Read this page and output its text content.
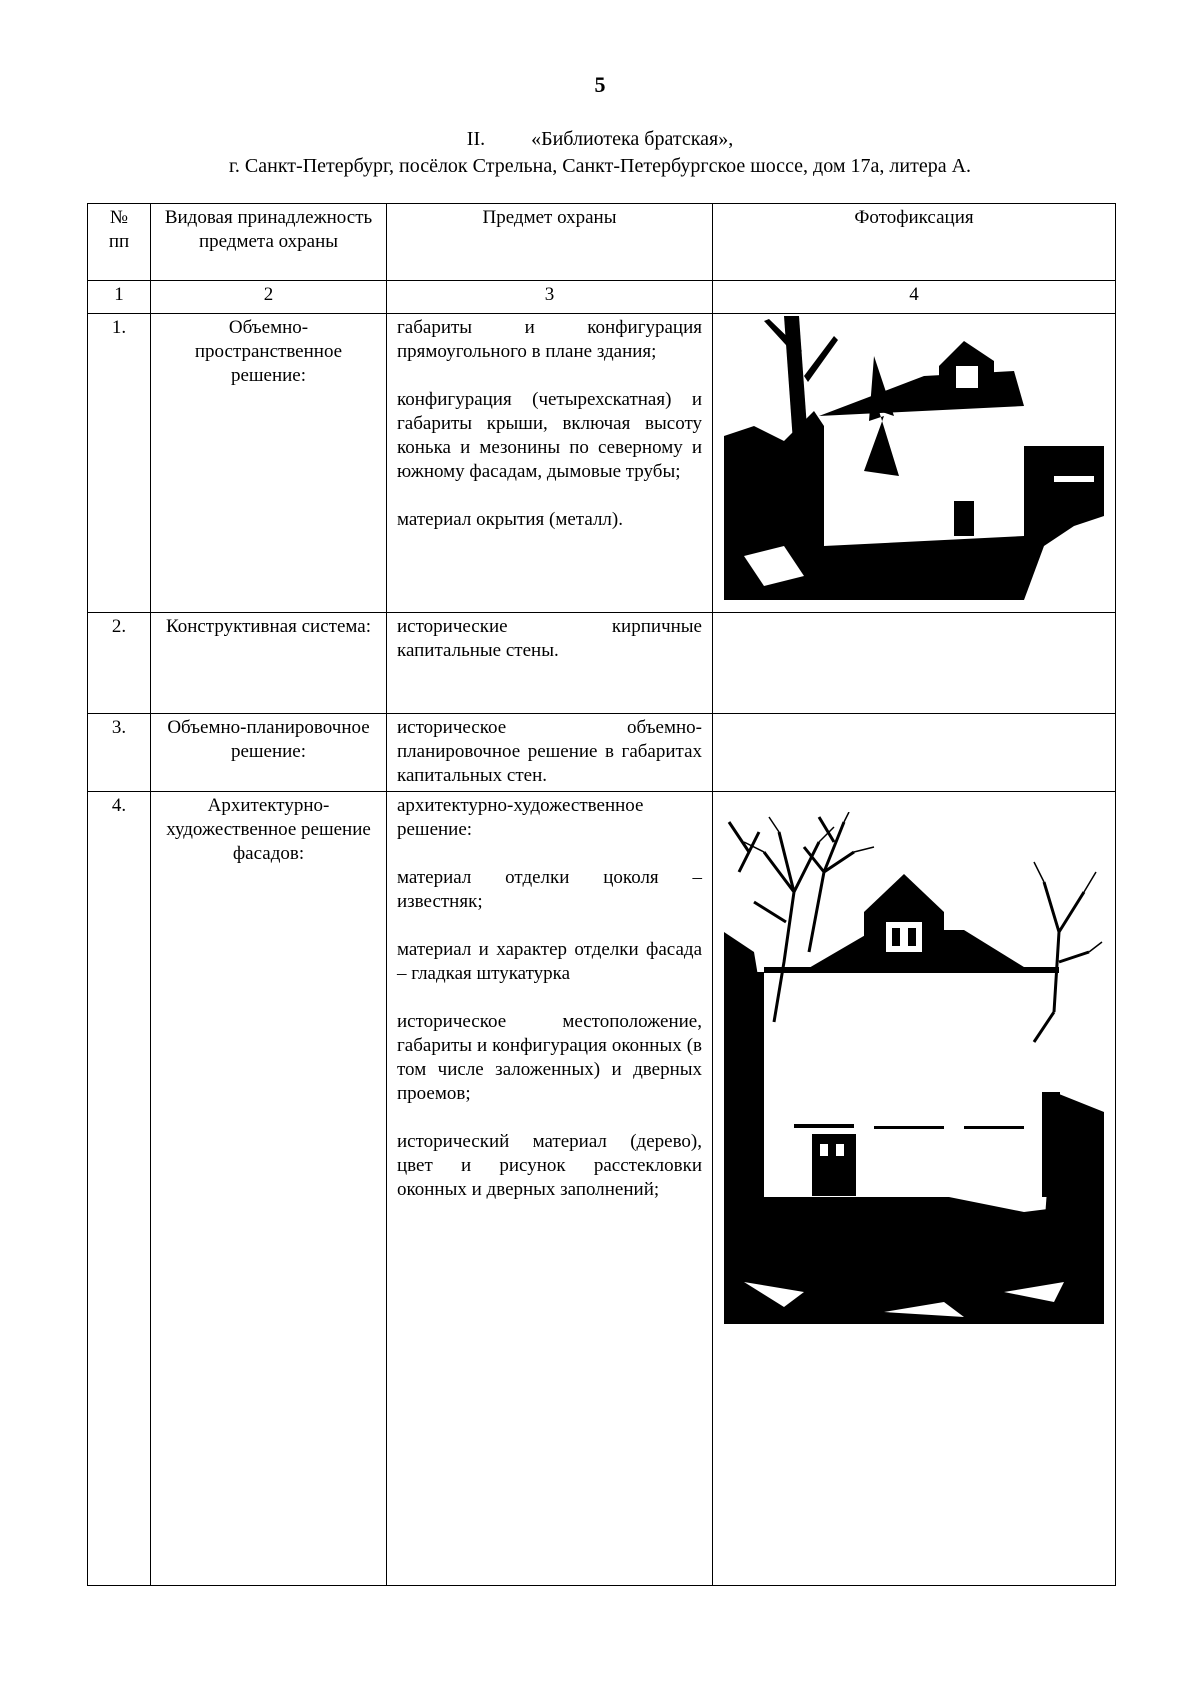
5
II. «Библиотека братская»,
г. Санкт-Петербург, посёлок Стрельна, Санкт-Петербургское шоссе, дом 17а, литера А.
№ пп	Видовая принадлежность предмета охраны	Предмет охраны	Фотофиксация
1	2	3	4
1.	Объемно-пространственное решение:	габариты и конфигурация прямоугольного в плане здания;

конфигурация (четырехскатная) и габариты крыши, включая высоту конька и мезонины по северному и южному фасадам, дымовые трубы;

материал окрытия (металл).

2.	Конструктивная система:	исторические кирпичные капитальные стены.	

3.	Объемно-планировочное решение:	историческое объемно-планировочное решение в габаритах капитальных стен.	

4.	Архитектурно-художественное решение фасадов:	архитектурно-художественное решение:

материал отделки цоколя – известняк;

материал и характер отделки фасада – гладкая штукатурка

историческое местоположение, габариты и конфигурация оконных (в том числе заложенных) и дверных проемов;

исторический материал (дерево), цвет и рисунок расстекловки оконных и дверных заполнений;
